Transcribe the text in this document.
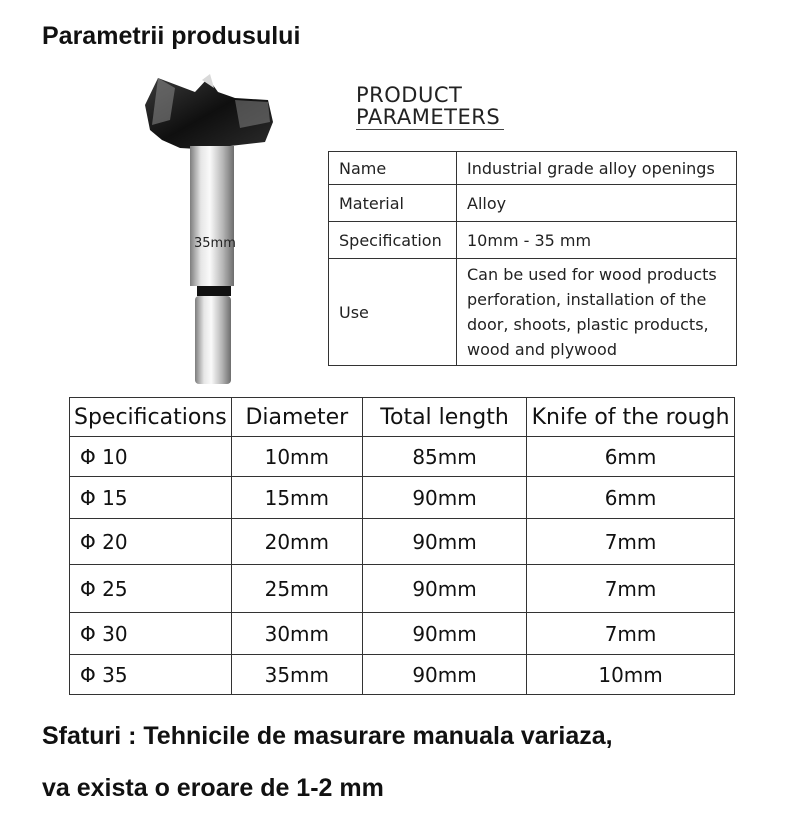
Parametrii produsului
35mm
PRODUCT
PARAMETERS
Name	Industrial grade alloy openings
Material	Alloy
Specification	10mm - 35 mm
Use	Can be used for wood products perforation, installation of the door, shoots, plastic products, wood and plywood
Specifications	Diameter	Total length	Knife of the rough
Φ 10	10mm	85mm	6mm
Φ 15	15mm	90mm	6mm
Φ 20	20mm	90mm	7mm
Φ 25	25mm	90mm	7mm
Φ 30	30mm	90mm	7mm
Φ 35	35mm	90mm	10mm
Sfaturi : Tehnicile de masurare manuala variaza,
va exista o eroare de 1-2 mm
